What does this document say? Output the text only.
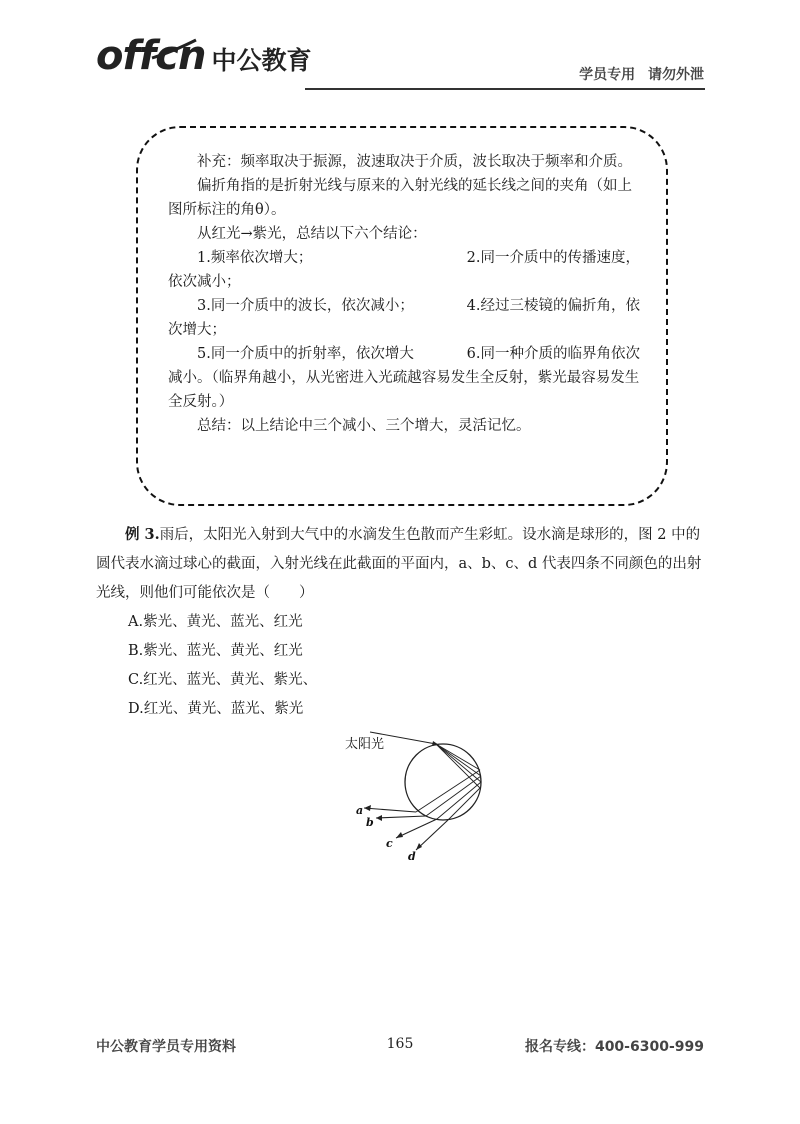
offcn 中公教育	学员专用 请勿外泄

补充：频率取决于振源，波速取决于介质，波长取决于频率和介质。

偏折角指的是折射光线与原来的入射光线的延长线之间的夹角（如上图所标注的角θ）。

从红光→紫光，总结以下六个结论：

1.频率依次增大；	2.同一介质中的传播速度，

依次减小；

3.同一介质中的波长，依次减小；	4.经过三棱镜的偏折角，依

次增大；

5.同一介质中的折射率，依次增大	6.同一种介质的临界角依次

减小。（临界角越小，从光密进入光疏越容易发生全反射，紫光最容易发生全反射。）

总结：以上结论中三个减小、三个增大，灵活记忆。

例 3.雨后，太阳光入射到大气中的水滴发生色散而产生彩虹。设水滴是球形的，图 2 中的圆代表水滴过球心的截面，入射光线在此截面的平面内，a、b、c、d 代表四条不同颜色的出射光线，则他们可能依次是（　　）

A.紫光、黄光、蓝光、红光

B.紫光、蓝光、黄光、红光

C.红光、蓝光、黄光、紫光、

D.红光、黄光、蓝光、紫光

太阳光
a
b
c
d
中公教育学员专用资料	165	报名专线：400-6300-999
